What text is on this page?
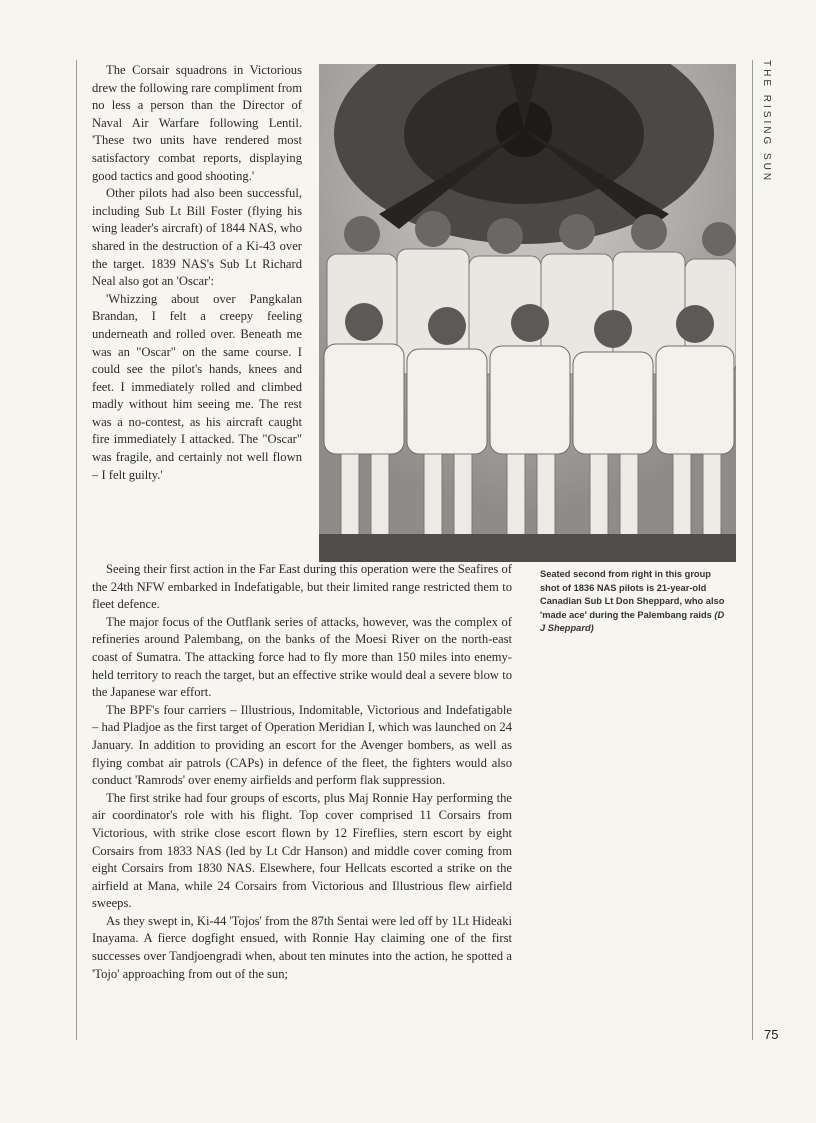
THE RISING SUN

The Corsair squadrons in Victorious drew the following rare compliment from no less a person than the Director of Naval Air Warfare following Lentil. 'These two units have rendered most satisfactory combat reports, displaying good tactics and good shooting.'

Other pilots had also been successful, including Sub Lt Bill Foster (flying his wing leader's aircraft) of 1844 NAS, who shared in the destruction of a Ki-43 over the target. 1839 NAS's Sub Lt Richard Neal also got an 'Oscar':

'Whizzing about over Pangkalan Brandan, I felt a creepy feeling underneath and rolled over. Beneath me was an "Oscar" on the same course. I could see the pilot's hands, knees and feet. I immediately rolled and climbed madly without him seeing me. The rest was a no-contest, as his aircraft caught fire immediately I attacked. The "Oscar" was fragile, and certainly not well flown – I felt guilty.'

Seated second from right in this group shot of 1836 NAS pilots is 21-year-old Canadian Sub Lt Don Sheppard, who also 'made ace' during the Palembang raids (D J Sheppard)

Seeing their first action in the Far East during this operation were the Seafires of the 24th NFW embarked in Indefatigable, but their limited range restricted them to fleet defence.

The major focus of the Outflank series of attacks, however, was the complex of refineries around Palembang, on the banks of the Moesi River on the north-east coast of Sumatra. The attacking force had to fly more than 150 miles into enemy-held territory to reach the target, but an effective strike would deal a severe blow to the Japanese war effort.

The BPF's four carriers – Illustrious, Indomitable, Victorious and Indefatigable – had Pladjoe as the first target of Operation Meridian I, which was launched on 24 January. In addition to providing an escort for the Avenger bombers, as well as flying combat air patrols (CAPs) in defence of the fleet, the fighters would also conduct 'Ramrods' over enemy airfields and perform flak suppression.

The first strike had four groups of escorts, plus Maj Ronnie Hay performing the air coordinator's role with his flight. Top cover comprised 11 Corsairs from Victorious, with strike close escort flown by 12 Fireflies, stern escort by eight Corsairs from 1833 NAS (led by Lt Cdr Hanson) and middle cover coming from eight Corsairs from 1830 NAS. Elsewhere, four Hellcats escorted a strike on the airfield at Mana, while 24 Corsairs from Victorious and Illustrious flew airfield sweeps.

As they swept in, Ki-44 'Tojos' from the 87th Sentai were led off by 1Lt Hideaki Inayama. A fierce dogfight ensued, with Ronnie Hay claiming one of the first successes over Tandjoengradi when, about ten minutes into the action, he spotted a 'Tojo' approaching from out of the sun;

75
